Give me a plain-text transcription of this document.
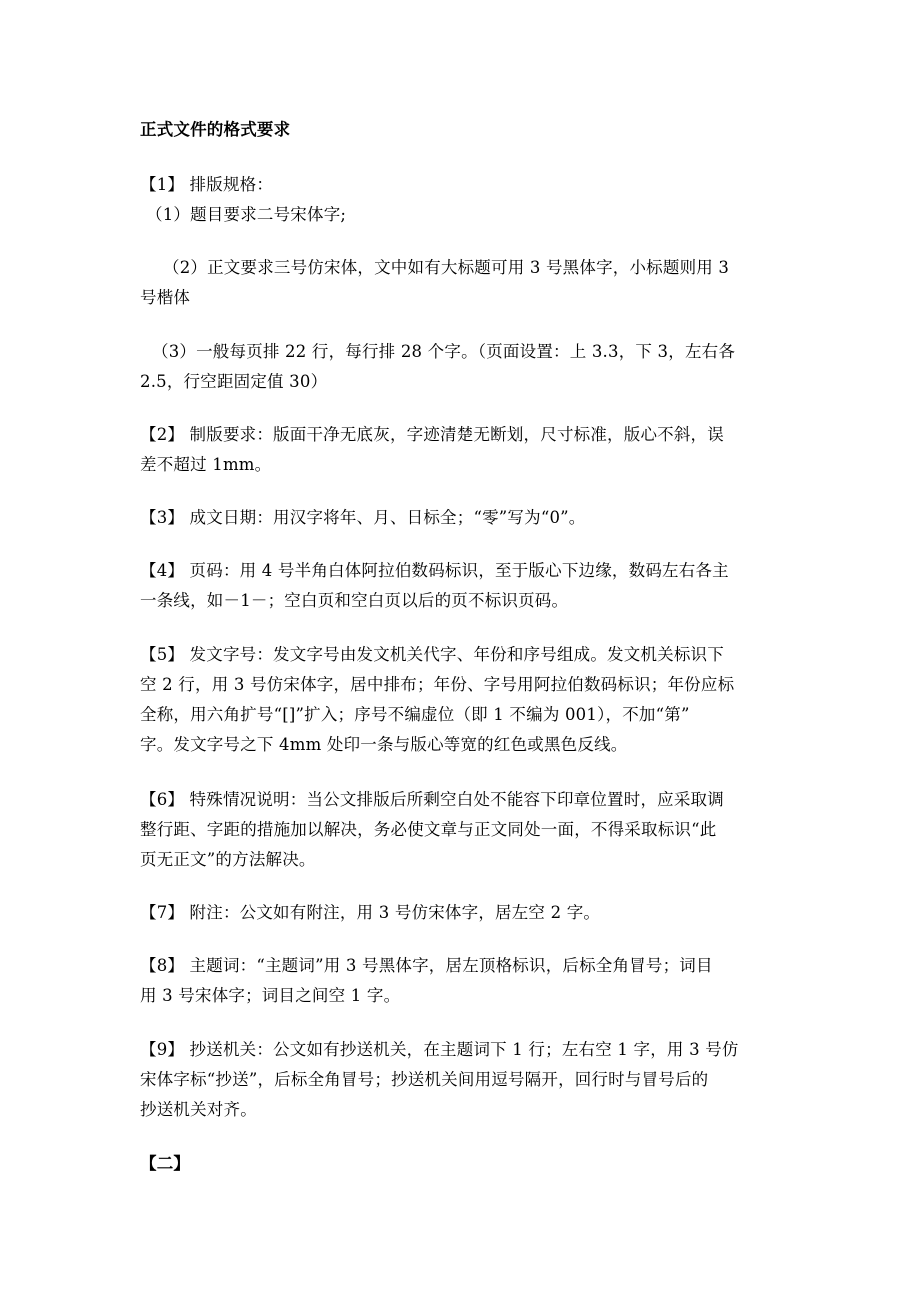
正式文件的格式要求
【1】 排版规格：
（1）题目要求二号宋体字;
（2）正文要求三号仿宋体，文中如有大标题可用 3 号黑体字，小标题则用 3
号楷体
（3）一般每页排 22 行，每行排 28 个字。（页面设置：上 3.3，下 3，左右各
2.5，行空距固定值 30）
【2】 制版要求：版面干净无底灰，字迹清楚无断划，尺寸标准，版心不斜，误
差不超过 1mm。
【3】 成文日期：用汉字将年、月、日标全；“零”写为“0”。
【4】 页码：用 4 号半角白体阿拉伯数码标识，至于版心下边缘，数码左右各主
一条线，如－1－；空白页和空白页以后的页不标识页码。
【5】 发文字号：发文字号由发文机关代字、年份和序号组成。发文机关标识下
空 2 行，用 3 号仿宋体字，居中排布；年份、字号用阿拉伯数码标识；年份应标
全称，用六角扩号“[]”扩入；序号不编虚位（即 1 不编为 001），不加“第”
字。发文字号之下 4mm 处印一条与版心等宽的红色或黑色反线。
【6】 特殊情况说明：当公文排版后所剩空白处不能容下印章位置时，应采取调
整行距、字距的措施加以解决，务必使文章与正文同处一面，不得采取标识“此
页无正文”的方法解决。
【7】 附注：公文如有附注，用 3 号仿宋体字，居左空 2 字。
【8】 主题词：“主题词”用 3 号黑体字，居左顶格标识，后标全角冒号；词目
用 3 号宋体字；词目之间空 1 字。
【9】 抄送机关：公文如有抄送机关，在主题词下 1 行；左右空 1 字，用 3 号仿
宋体字标“抄送”，后标全角冒号；抄送机关间用逗号隔开，回行时与冒号后的
抄送机关对齐。
【二】
